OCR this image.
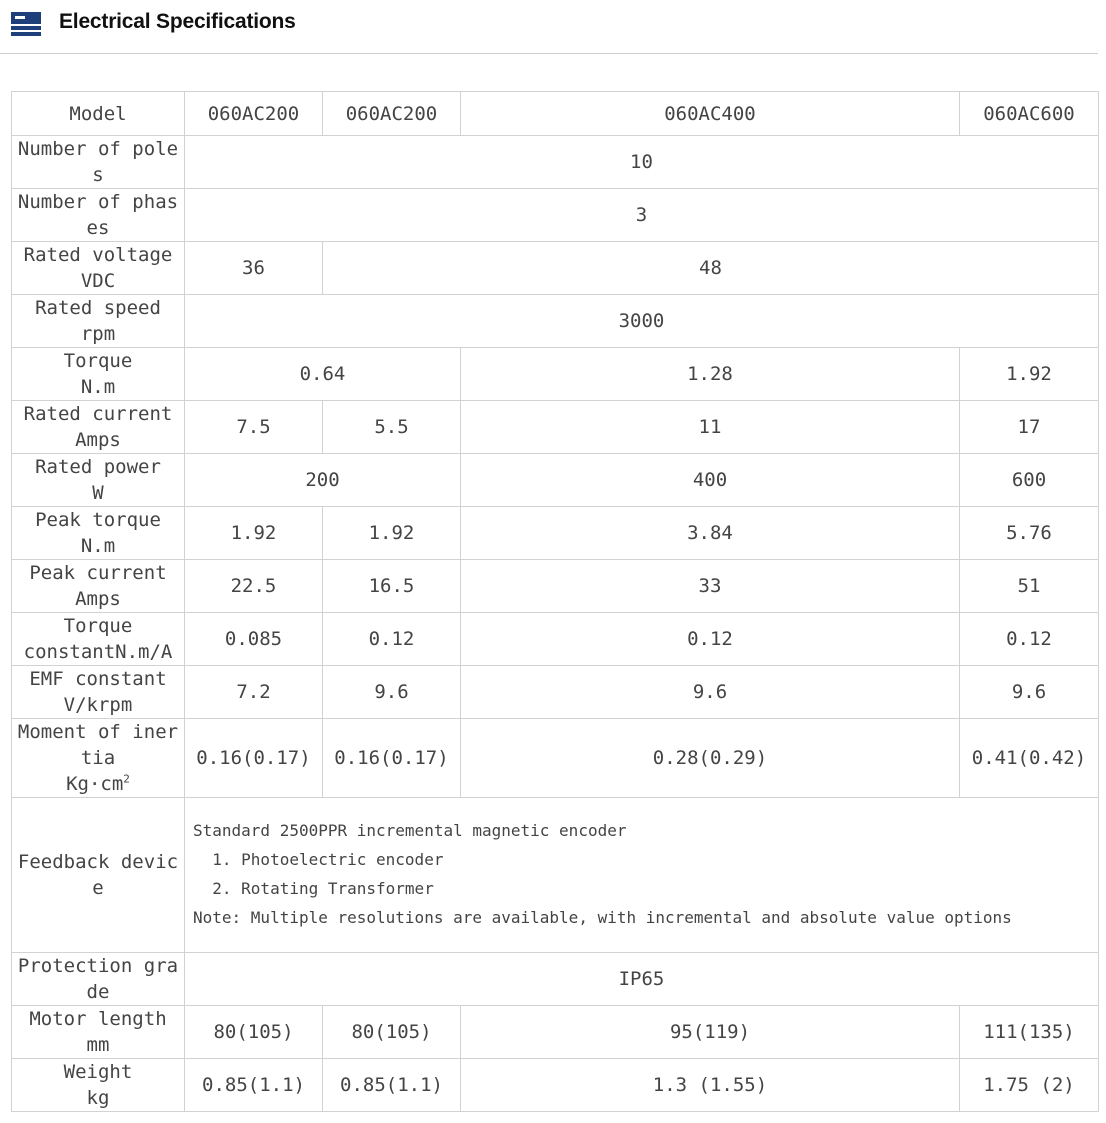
Electrical Specifications
Model	060AC200	060AC200	060AC400	060AC600
Number of poles	10			
Number of phases	3			
Rated voltage
VDC	36	48		
Rated speed
rpm	3000			
Torque
N.m	0.64		1.28	1.92
Rated current
Amps	7.5	5.5	11	17
Rated power
W	200		400	600
Peak torque
N.m	1.92	1.92	3.84	5.76
Peak current
Amps	22.5	16.5	33	51
Torque
constantN.m/A	0.085	0.12	0.12	0.12
EMF constant
V/krpm	7.2	9.6	9.6	9.6
Moment of inertia
$Kg\cdot cm^2$	0.16(0.17)	0.16(0.17)	0.28(0.29)	0.41(0.42)
Feedback device	Standard 2500PPR incremental magnetic encoder
1. Photoelectric encoder
2. Rotating Transformer
Note: Multiple resolutions are available, with incremental and absolute value options			

Protection grade	IP65			
Motor length
mm	80(105)	80(105)	95(119)	111(135)
Weight
kg	0.85(1.1)	0.85(1.1)	1.3 (1.55)	1.75 (2)
